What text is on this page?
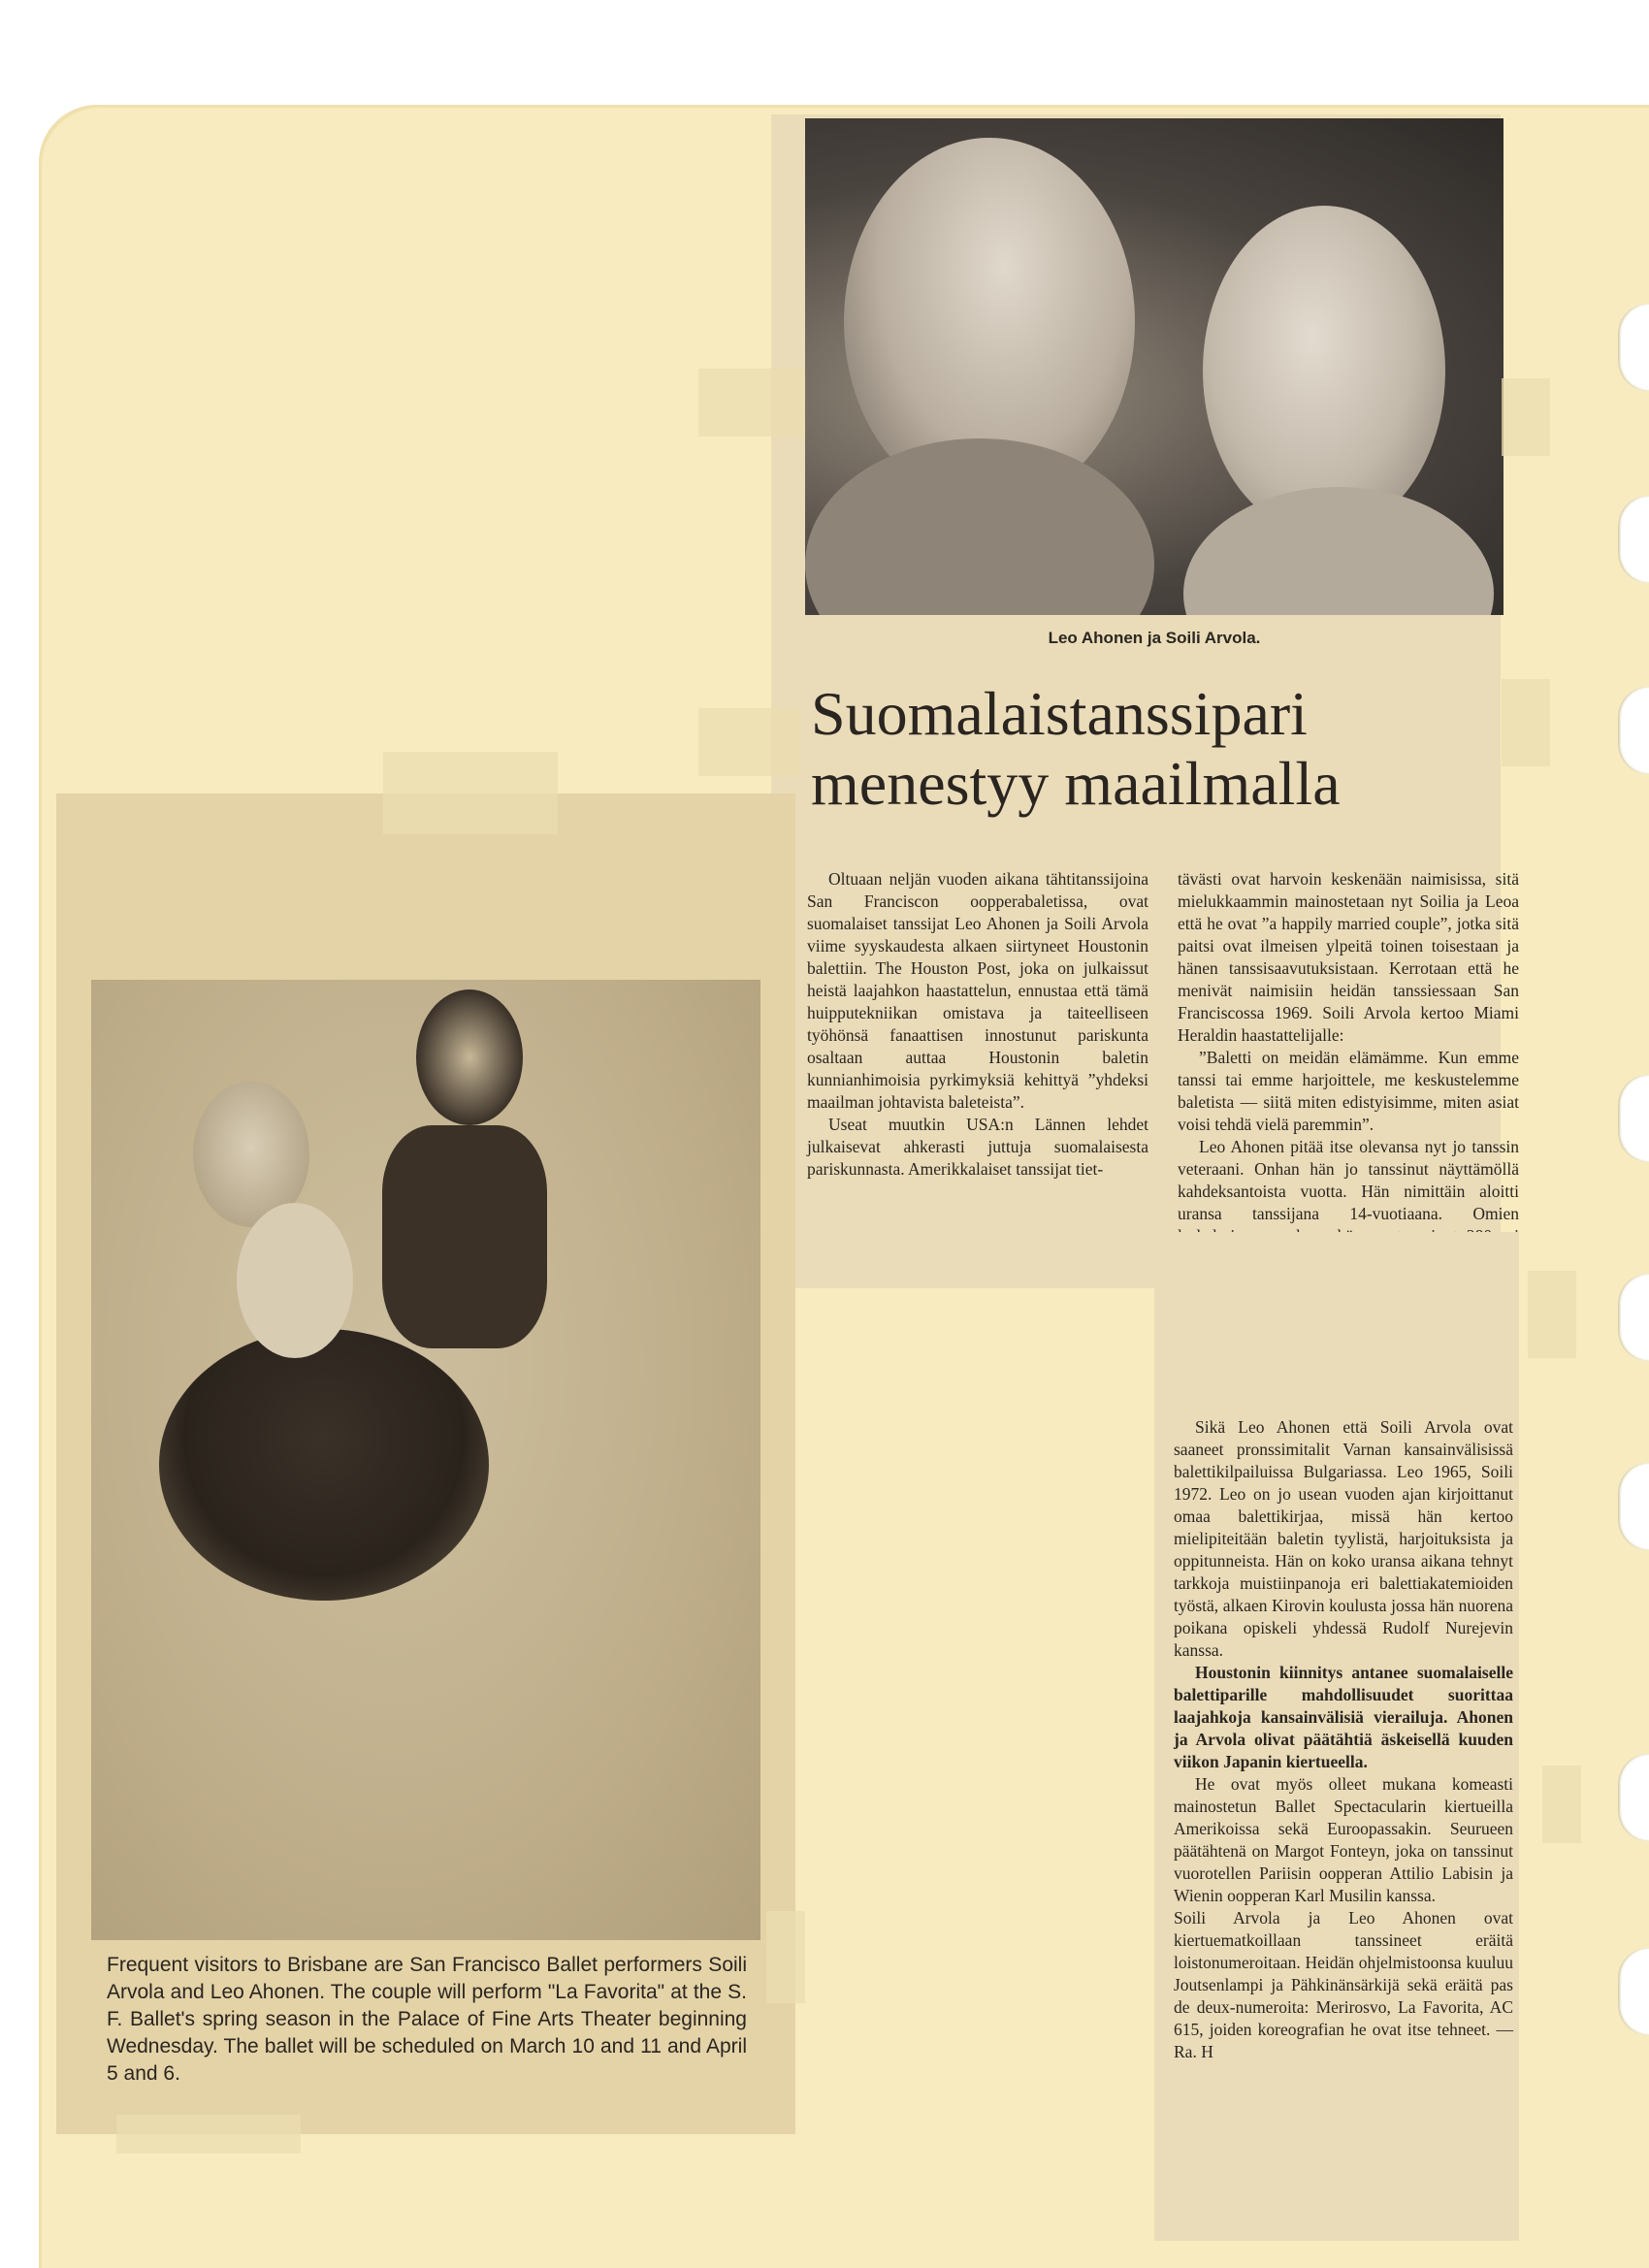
Leo Ahonen ja Soili Arvola.
Suomalaistanssipari
menestyy maailmalla

Oltuaan neljän vuoden aikana tähtitanssijoina San Franciscon oopperabaletissa, ovat suomalaiset tanssijat Leo Ahonen ja Soili Arvola viime syyskaudesta alkaen siirtyneet Houstonin balettiin. The Houston Post, joka on julkaissut heistä laajahkon haastattelun, ennustaa että tämä huipputekniikan omistava ja taiteelliseen työhönsä fanaattisen innostunut pariskunta osaltaan auttaa Houstonin baletin kunnianhimoisia pyrkimyksiä kehittyä ”yhdeksi maailman johtavista baleteista”.

Useat muutkin USA:n Lännen lehdet julkaisevat ahkerasti juttuja suomalaisesta pariskunnasta. Amerikkalaiset tanssijat tiet-

tävästi ovat harvoin keskenään naimisissa, sitä mielukkaammin mainostetaan nyt Soilia ja Leoa että he ovat ”a happily married couple”, jotka sitä paitsi ovat ilmeisen ylpeitä toinen toisestaan ja hänen tanssisaavutuksistaan. Kerrotaan että he menivät naimisiin heidän tanssiessaan San Franciscossa 1969. Soili Arvola kertoo Miami Heraldin haastattelijalle:

”Baletti on meidän elämämme. Kun emme tanssi tai emme harjoittele, me keskustelemme baletista — siitä miten edistyisimme, miten asiat voisi tehdä vielä paremmin”.

Leo Ahonen pitää itse olevansa nyt jo tanssin veteraani. Onhan hän jo tanssinut näyttämöllä kahdeksantoista vuotta. Hän nimittäin aloitti uransa tanssijana 14-vuotiaana. Omien

Sikä Leo Ahonen että Soili Arvola ovat saaneet pronssimitalit Varnan kansainvälisissä balettikilpailuissa Bulgariassa. Leo 1965, Soili 1972. Leo on jo usean vuoden ajan kirjoittanut omaa balettikirjaa, missä hän kertoo mielipiteitään baletin tyylistä, harjoituksista ja oppitunneista. Hän on koko uransa aikana tehnyt tarkkoja muistiinpanoja eri balettiakatemioiden työstä, alkaen Kirovin koulusta jossa hän nuorena poikana opiskeli yhdessä Rudolf Nurejevin kanssa.

Houstonin kiinnitys antanee suomalaiselle balettiparille mahdollisuudet suorittaa laajahkoja kansainvälisiä vierailuja. Ahonen ja Arvola olivat päätähtiä äskeisellä kuuden viikon Japanin kiertueella.

He ovat myös olleet mukana komeasti mainostetun Ballet Spectacularin kiertueilla Amerikoissa sekä Euroopassakin. Seurueen päätähtenä on Margot Fonteyn, joka on tanssinut vuorotellen Pariisin oopperan Attilio Labisin ja Wienin oopperan Karl Musilin kanssa.

Soili Arvola ja Leo Ahonen ovat kiertuematkoillaan tanssineet eräitä loistonumeroitaan. Heidän ohjelmistoonsa kuuluu Joutsenlampi ja Pähkinänsärkijä sekä eräitä pas de deux-numeroita: Merirosvo, La Favorita, AC 615, joiden koreografian he ovat itse tehneet. — Ra. H

Frequent visitors to Brisbane are San Francisco Ballet performers Soili Arvola and Leo Ahonen. The couple will perform "La Favorita" at the S. F. Ballet's spring season in the Palace of Fine Arts Theater beginning Wednesday. The ballet will be scheduled on March 10 and 11 and April 5 and 6.
